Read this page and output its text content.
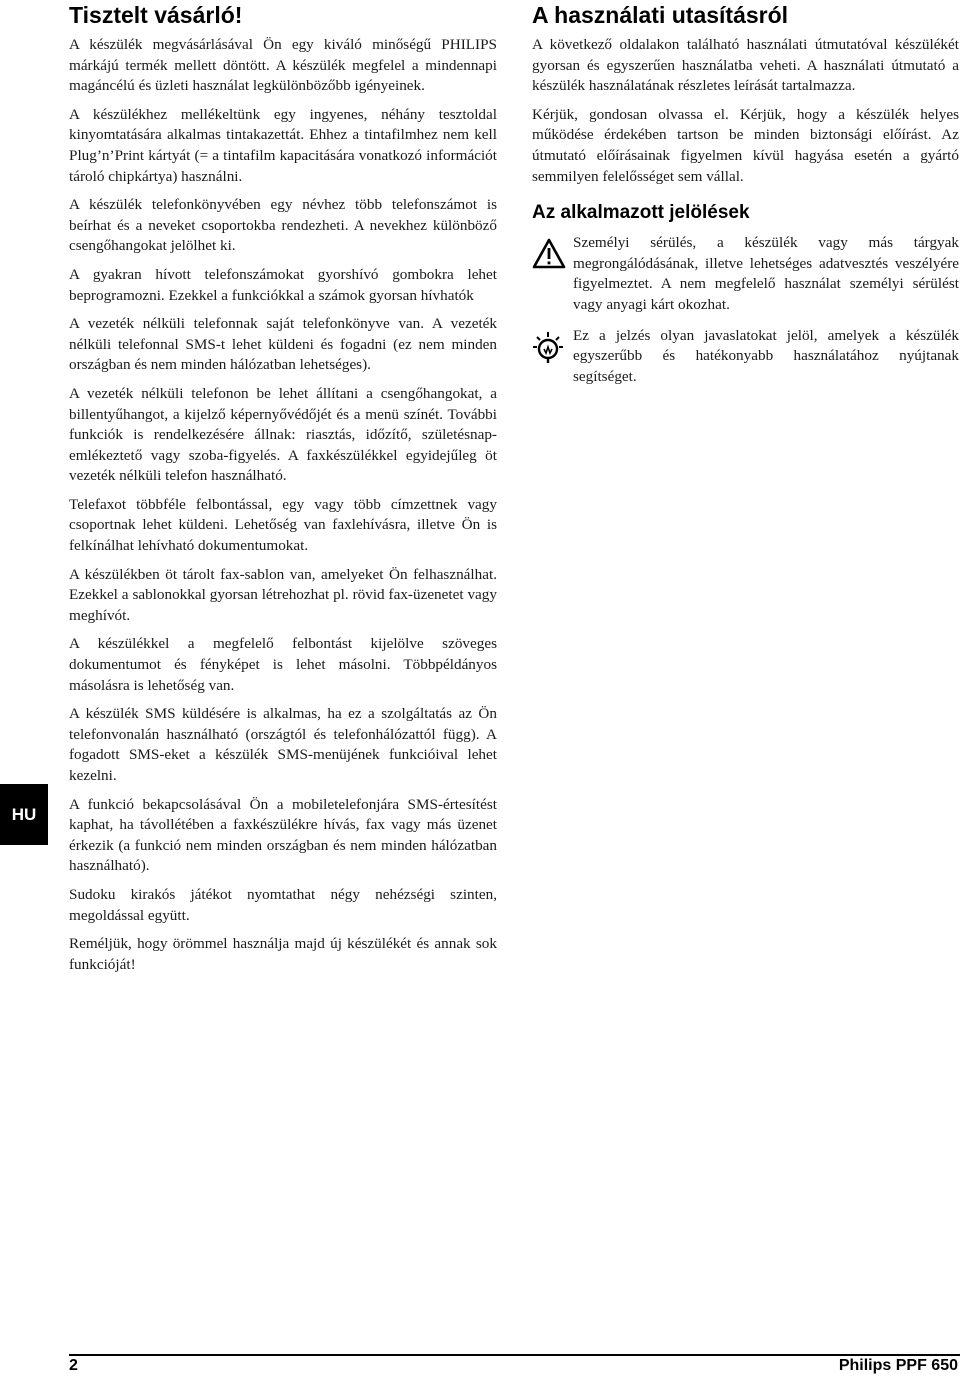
Tisztelt vásárló!

A készülék megvásárlásával Ön egy kiváló minőségű PHILIPS márkájú termék mellett döntött. A készülék megfelel a mindennapi magáncélú és üzleti használat legkülönbözőbb igényeinek.

A készülékhez mellékeltünk egy ingyenes, néhány tesztoldal kinyomtatására alkalmas tintakazettát. Ehhez a tintafilmhez nem kell Plug’n’Print kártyát (= a tintafilm kapacitására vonatkozó információt tároló chipkártya) használni.

A készülék telefonkönyvében egy névhez több telefonszámot is beírhat és a neveket csoportokba rendezheti. A nevekhez különböző csengőhangokat jelölhet ki.

A gyakran hívott telefonszámokat gyorshívó gombokra lehet beprogramozni. Ezekkel a funkciókkal a számok gyorsan hívhatók

A vezeték nélküli telefonnak saját telefonkönyve van. A vezeték nélküli telefonnal SMS-t lehet küldeni és fogadni (ez nem minden országban és nem minden hálózatban lehetséges).

A vezeték nélküli telefonon be lehet állítani a csengőhangokat, a billentyűhangot, a kijelző képernyővédőjét és a menü színét. További funkciók is rendelkezésére állnak: riasztás, időzítő, születésnap-emlékeztető vagy szoba-figyelés. A faxkészülékkel egyidejűleg öt vezeték nélküli telefon használható.

Telefaxot többféle felbontással, egy vagy több címzettnek vagy csoportnak lehet küldeni. Lehetőség van faxlehívásra, illetve Ön is felkínálhat lehívható dokumentumokat.

A készülékben öt tárolt fax-sablon van, amelyeket Ön felhasználhat. Ezekkel a sablonokkal gyorsan létrehozhat pl. rövid fax-üzenetet vagy meghívót.

A készülékkel a megfelelő felbontást kijelölve szöveges dokumentumot és fényképet is lehet másolni. Többpéldányos másolásra is lehetőség van.

A készülék SMS küldésére is alkalmas, ha ez a szolgáltatás az Ön telefonvonalán használható (országtól és telefonhálózattól függ). A fogadott SMS-eket a készülék SMS-menüjének funkcióival lehet kezelni.

A funkció bekapcsolásával Ön a mobiletelefonjára SMS-értesítést kaphat, ha távollétében a faxkészülékre hívás, fax vagy más üzenet érkezik (a funkció nem minden országban és nem minden hálózatban használható).

Sudoku kirakós játékot nyomtathat négy nehézségi szinten, megoldással együtt.

Reméljük, hogy örömmel használja majd új készülékét és annak sok funkcióját!

A használati utasításról

A következő oldalakon található használati útmutatóval készülékét gyorsan és egyszerűen használatba veheti. A használati útmutató a készülék használatának részletes leírását tartalmazza.

Kérjük, gondosan olvassa el. Kérjük, hogy a készülék helyes működése érdekében tartson be minden biztonsági előírást. Az útmutató előírásainak figyelmen kívül hagyása esetén a gyártó semmilyen felelősséget sem vállal.

Az alkalmazott jelölések

Személyi sérülés, a készülék vagy más tárgyak megrongálódásának, illetve lehetséges adatvesztés veszélyére figyelmeztet. A nem megfelelő használat személyi sérülést vagy anyagi kárt okozhat.

Ez a jelzés olyan javaslatokat jelöl, amelyek a készülék egyszerűbb és hatékonyabb használatához nyújtanak segítséget.

HU
2	Philips PPF 650
